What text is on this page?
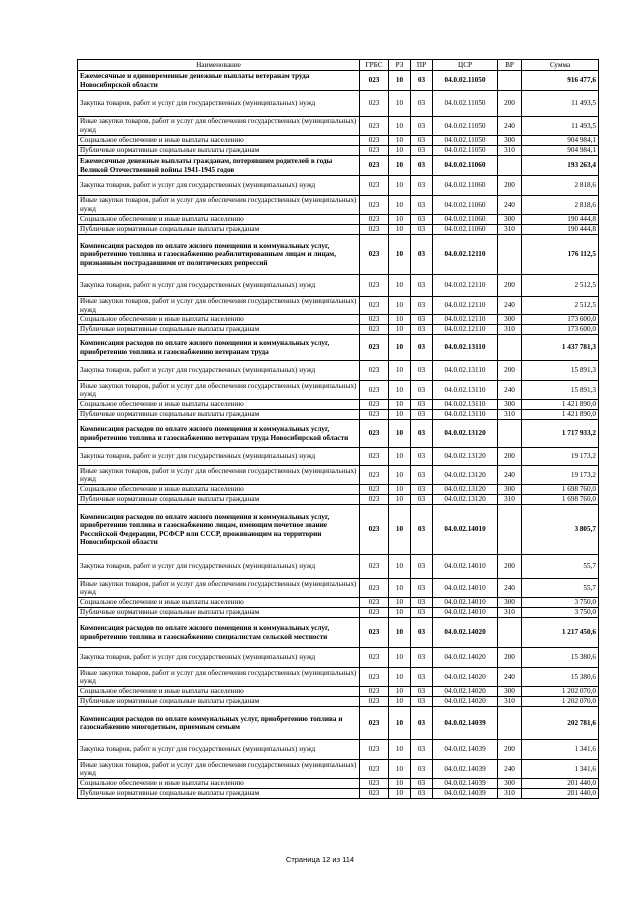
Наименование	ГРБС	РЗ	ПР	ЦСР	ВР	Сумма
Ежемесячные и единовременные денежные выплаты ветеранам труда Новосибирской области	023	10	03	04.0.02.11050		916 477,6
Закупка товаров, работ и услуг для государственных (муниципальных) нужд	023	10	03	04.0.02.11050	200	11 493,5
Иные закупки товаров, работ и услуг для обеспечения государственных (муниципальных) нужд	023	10	03	04.0.02.11050	240	11 493,5
Социальное обеспечение и иные выплаты населению	023	10	03	04.0.02.11050	300	904 984,1
Публичные нормативные социальные выплаты гражданам	023	10	03	04.0.02.11050	310	904 984,1
Ежемесячные денежные выплаты гражданам, потерявшим родителей в годы Великой Отечественной войны 1941-1945 годов	023	10	03	04.0.02.11060		193 263,4
Закупка товаров, работ и услуг для государственных (муниципальных) нужд	023	10	03	04.0.02.11060	200	2 818,6
Иные закупки товаров, работ и услуг для обеспечения государственных (муниципальных) нужд	023	10	03	04.0.02.11060	240	2 818,6
Социальное обеспечение и иные выплаты населению	023	10	03	04.0.02.11060	300	190 444,8
Публичные нормативные социальные выплаты гражданам	023	10	03	04.0.02.11060	310	190 444,8
Компенсация расходов по оплате жилого помещения и коммунальных услуг, приобретению топлива и газоснабжению реабилитированным лицам и лицам, признанным пострадавшими от политических репрессий	023	10	03	04.0.02.12110		176 112,5
Закупка товаров, работ и услуг для государственных (муниципальных) нужд	023	10	03	04.0.02.12110	200	2 512,5
Иные закупки товаров, работ и услуг для обеспечения государственных (муниципальных) нужд	023	10	03	04.0.02.12110	240	2 512,5
Социальное обеспечение и иные выплаты населению	023	10	03	04.0.02.12110	300	173 600,0
Публичные нормативные социальные выплаты гражданам	023	10	03	04.0.02.12110	310	173 600,0
Компенсация расходов по оплате жилого помещения и коммунальных услуг, приобретению топлива и газоснабжению ветеранам труда	023	10	03	04.0.02.13110		1 437 781,3
Закупка товаров, работ и услуг для государственных (муниципальных) нужд	023	10	03	04.0.02.13110	200	15 891,3
Иные закупки товаров, работ и услуг для обеспечения государственных (муниципальных) нужд	023	10	03	04.0.02.13110	240	15 891,3
Социальное обеспечение и иные выплаты населению	023	10	03	04.0.02.13110	300	1 421 890,0
Публичные нормативные социальные выплаты гражданам	023	10	03	04.0.02.13110	310	1 421 890,0
Компенсация расходов по оплате жилого помещения и коммунальных услуг, приобретению топлива и газоснабжению ветеранам труда Новосибирской области	023	10	03	04.0.02.13120		1 717 933,2
Закупка товаров, работ и услуг для государственных (муниципальных) нужд	023	10	03	04.0.02.13120	200	19 173,2
Иные закупки товаров, работ и услуг для обеспечения государственных (муниципальных) нужд	023	10	03	04.0.02.13120	240	19 173,2
Социальное обеспечение и иные выплаты населению	023	10	03	04.0.02.13120	300	1 698 760,0
Публичные нормативные социальные выплаты гражданам	023	10	03	04.0.02.13120	310	1 698 760,0
Компенсация расходов по оплате жилого помещения и коммунальных услуг, приобретению топлива и газоснабжению лицам, имеющим почетное звание Российской Федерации, РСФСР или СССР, проживающим на территории Новосибирской области	023	10	03	04.0.02.14010		3 805,7
Закупка товаров, работ и услуг для государственных (муниципальных) нужд	023	10	03	04.0.02.14010	200	55,7
Иные закупки товаров, работ и услуг для обеспечения государственных (муниципальных) нужд	023	10	03	04.0.02.14010	240	55,7
Социальное обеспечение и иные выплаты населению	023	10	03	04.0.02.14010	300	3 750,0
Публичные нормативные социальные выплаты гражданам	023	10	03	04.0.02.14010	310	3 750,0
Компенсация расходов по оплате жилого помещения и коммунальных услуг, приобретению топлива и газоснабжению специалистам сельской местности	023	10	03	04.0.02.14020		1 217 450,6
Закупка товаров, работ и услуг для государственных (муниципальных) нужд	023	10	03	04.0.02.14020	200	15 380,6
Иные закупки товаров, работ и услуг для обеспечения государственных (муниципальных) нужд	023	10	03	04.0.02.14020	240	15 380,6
Социальное обеспечение и иные выплаты населению	023	10	03	04.0.02.14020	300	1 202 070,0
Публичные нормативные социальные выплаты гражданам	023	10	03	04.0.02.14020	310	1 202 070,0
Компенсация расходов по оплате коммунальных услуг, приобретению топлива и газоснабжению многодетным, приемным семьям	023	10	03	04.0.02.14039		202 781,6
Закупка товаров, работ и услуг для государственных (муниципальных) нужд	023	10	03	04.0.02.14039	200	1 341,6
Иные закупки товаров, работ и услуг для обеспечения государственных (муниципальных) нужд	023	10	03	04.0.02.14039	240	1 341,6
Социальное обеспечение и иные выплаты населению	023	10	03	04.0.02.14039	300	201 440,0
Публичные нормативные социальные выплаты гражданам	023	10	03	04.0.02.14039	310	201 440,0
Страница 12 из 114
